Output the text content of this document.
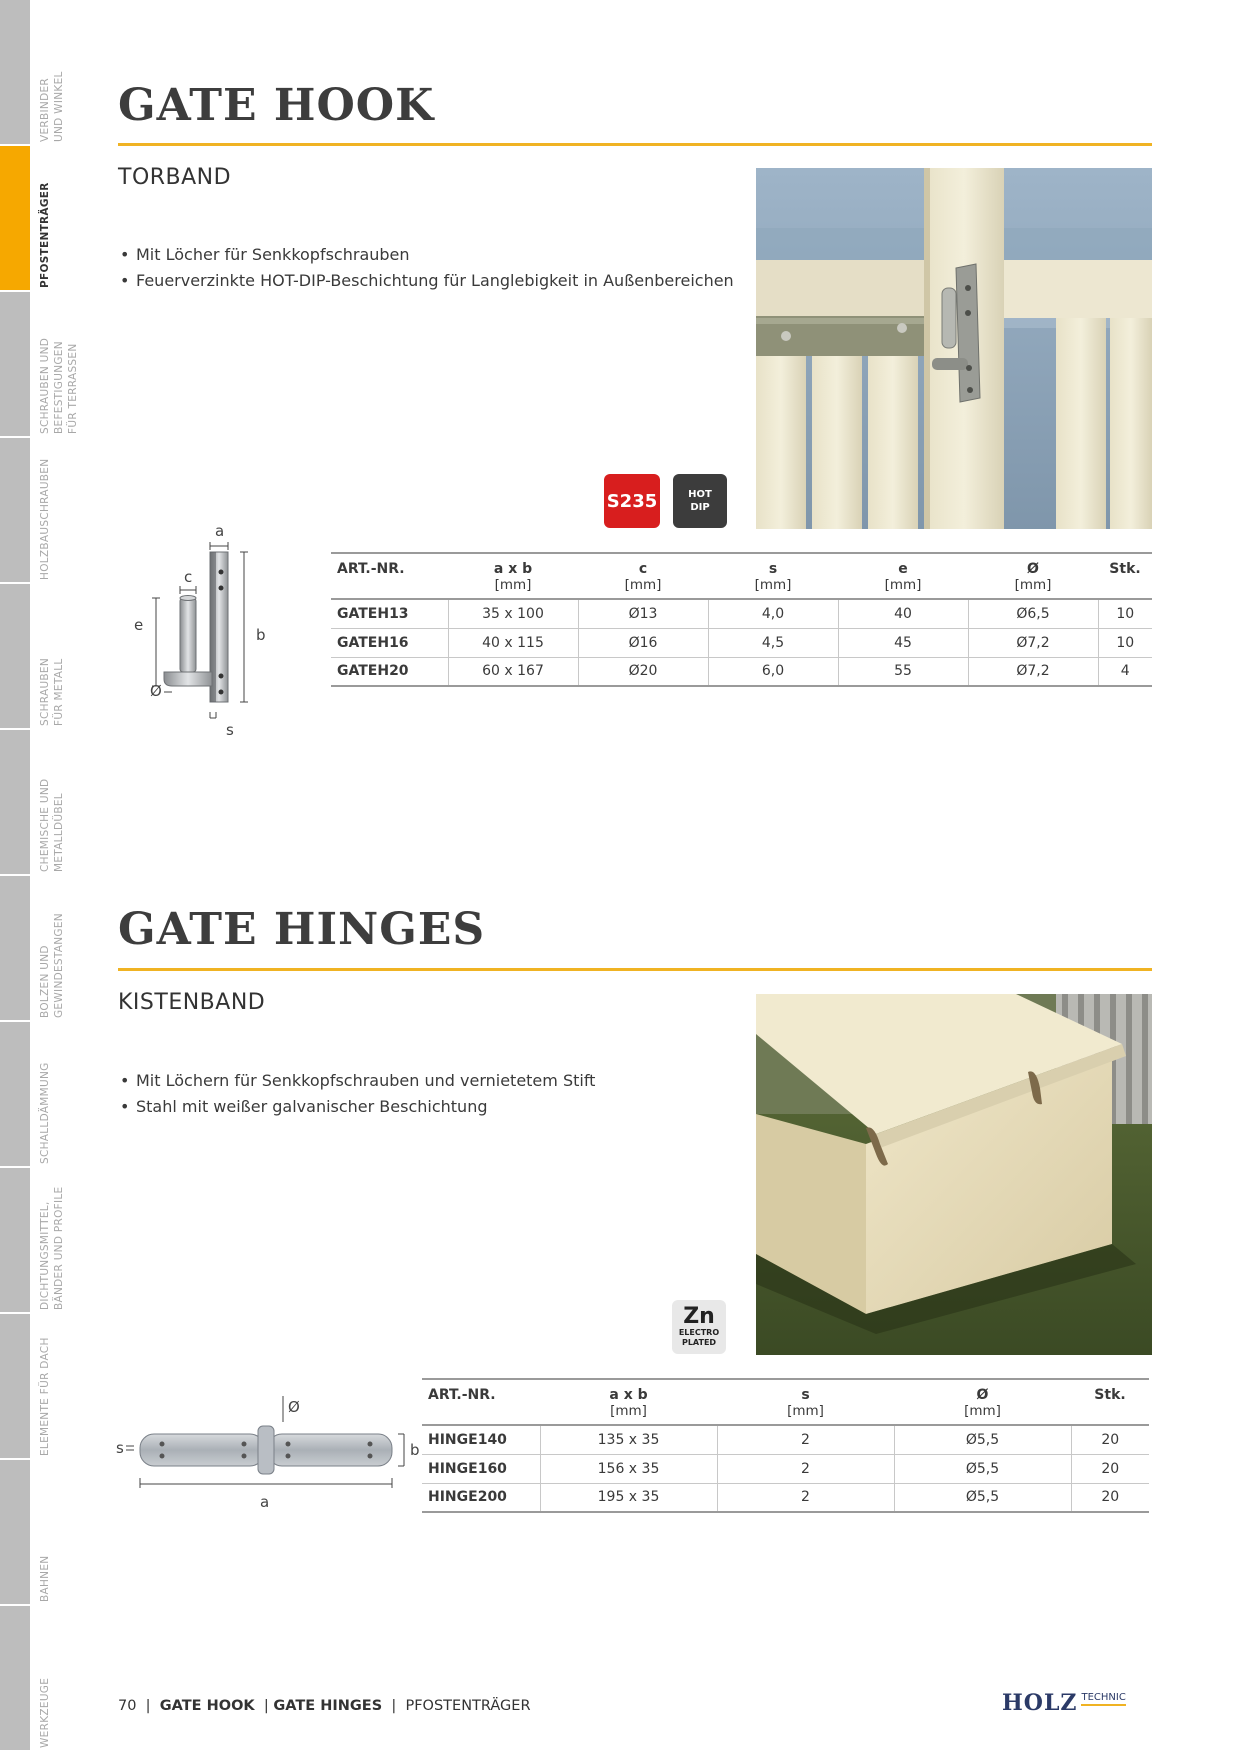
VERBINDER
UND WINKEL
PFOSTENTRÄGER
SCHRAUBEN UND
BEFESTIGUNGEN
FÜR TERRASSEN
HOLZBAUSCHRAUBEN
SCHRAUBEN
FÜR METALL
CHEMISCHE UND
METALLDÜBEL
BOLZEN UND
GEWINDESTANGEN
SCHALLDÄMMUNG
DICHTUNGSMITTEL,
BÄNDER UND PROFILE
ELEMENTE FÜR DACH
BAHNEN
WERKZEUGE
GATE HOOK
TORBAND
• Mit Löcher für Senkkopfschrauben
• Feuerverzinkte HOT-DIP-Beschichtung für Langlebigkeit in Außenbereichen
S235	HOT
DIP
a
b
c
e
Ø
s
ART.-NR.	a x b	c	s	e	Ø	Stk.
	[mm]	[mm]	[mm]	[mm]	[mm]	
GATEH13	35 x 100	Ø13	4,0	40	Ø6,5	10
GATEH16	40 x 115	Ø16	4,5	45	Ø7,2	10
GATEH20	60 x 167	Ø20	6,0	55	Ø7,2	4
GATE HINGES
KISTENBAND
• Mit Löchern für Senkkopfschrauben und vernietetem Stift
• Stahl mit weißer galvanischer Beschichtung
Zn
ELECTRO
PLATED
Ø
b
s
a
ART.-NR.	a x b	s	Ø	Stk.
	[mm]	[mm]	[mm]	
HINGE140	135 x 35	2	Ø5,5	20
HINGE160	156 x 35	2	Ø5,5	20
HINGE200	195 x 35	2	Ø5,5	20
70 | GATE HOOK | GATE HINGES | PFOSTENTRÄGER	HOLZ TECHNIC
